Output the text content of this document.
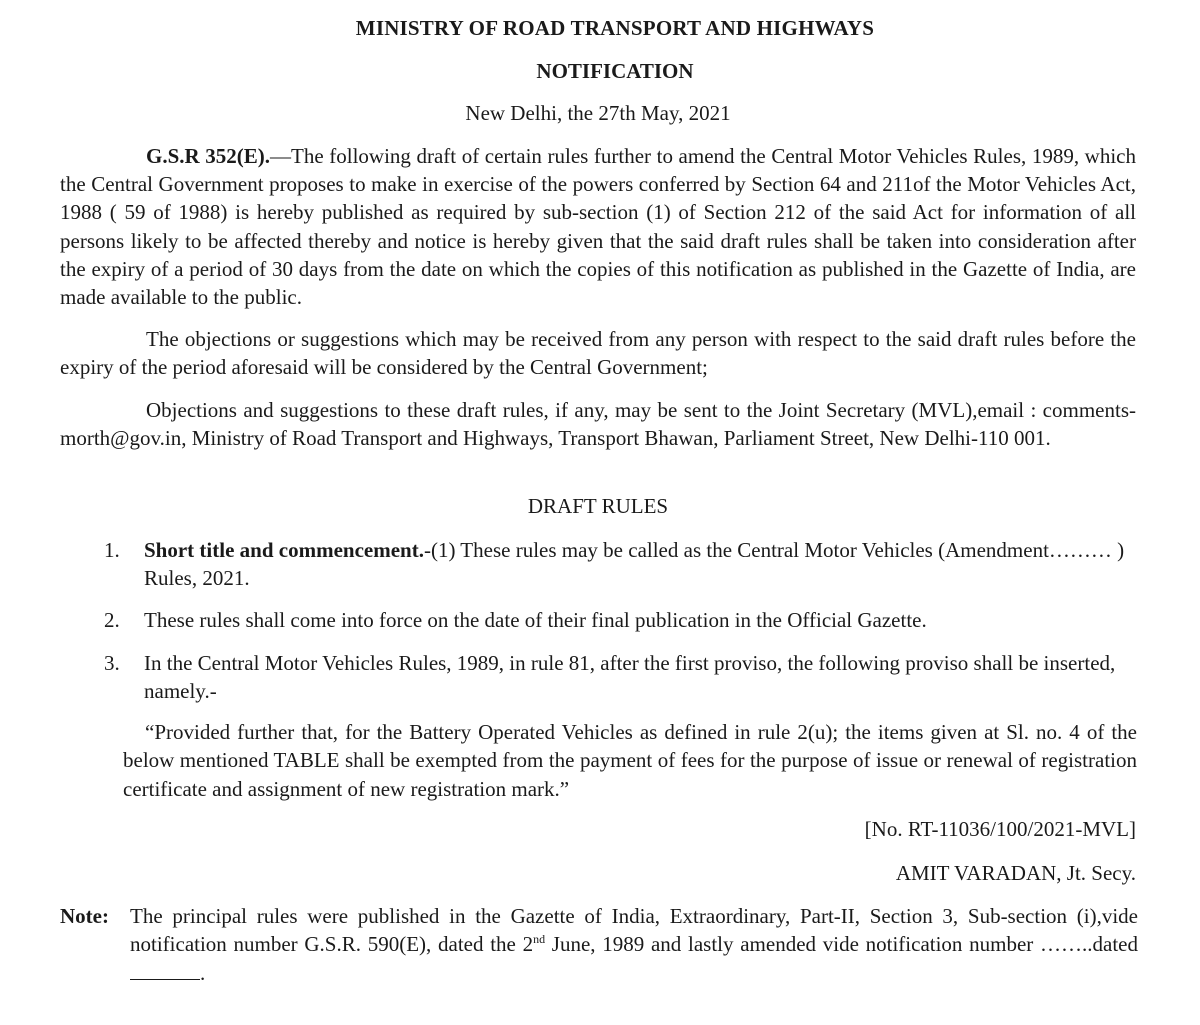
MINISTRY OF ROAD TRANSPORT AND HIGHWAYS
NOTIFICATION
New Delhi, the 27th May, 2021

G.S.R 352(E).—The following draft of certain rules further to amend the Central Motor Vehicles Rules, 1989, which the Central Government proposes to make in exercise of the powers conferred by Section 64 and 211of the Motor Vehicles Act, 1988 ( 59 of 1988) is hereby published as required by sub-section (1) of Section 212 of the said Act for information of all persons likely to be affected thereby and notice is hereby given that the said draft rules shall be taken into consideration after the expiry of a period of 30 days from the date on which the copies of this notification as published in the Gazette of India, are made available to the public.

The objections or suggestions which may be received from any person with respect to the said draft rules before the expiry of the period aforesaid will be considered by the Central Government;

Objections and suggestions to these draft rules, if any, may be sent to the Joint Secretary (MVL),email : comments-morth@gov.in, Ministry of Road Transport and Highways, Transport Bhawan, Parliament Street, New Delhi-110 001.

DRAFT RULES
1.	Short title and commencement.-(1) These rules may be called as the Central Motor Vehicles (Amendment……… ) Rules, 2021.
2.	These rules shall come into force on the date of their final publication in the Official Gazette.
3.	In the Central Motor Vehicles Rules, 1989, in rule 81, after the first proviso, the following proviso shall be inserted, namely.-

“Provided further that, for the Battery Operated Vehicles as defined in rule 2(u); the items given at Sl. no. 4 of the below mentioned TABLE shall be exempted from the payment of fees for the purpose of issue or renewal of registration certificate and assignment of new registration mark.”

[No. RT-11036/100/2021-MVL]
AMIT VARADAN, Jt. Secy.
Note:	The principal rules were published in the Gazette of India, Extraordinary, Part-II, Section 3, Sub-section (i),vide notification number G.S.R. 590(E), dated the 2nd June, 1989 and lastly amended vide notification number ……..dated.
